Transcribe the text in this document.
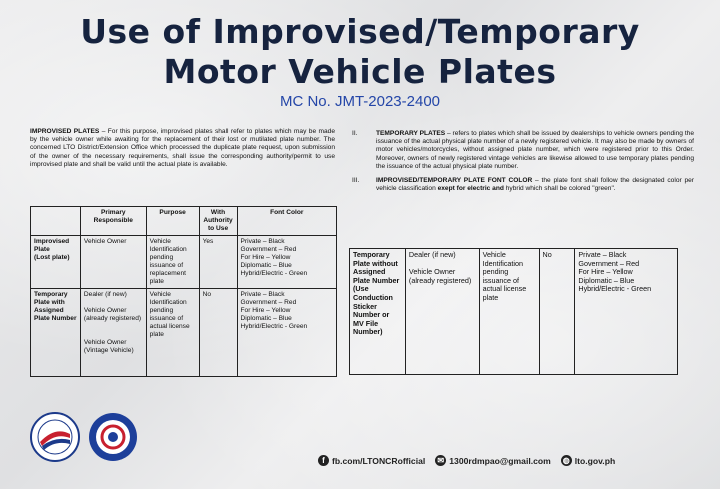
Use of Improvised/Temporary
Motor Vehicle Plates
MC No. JMT-2023-2400
IMPROVISED PLATES – For this purpose, improvised plates shall refer to plates which may be made by the vehicle owner while awaiting for the replacement of their lost or mutilated plate number. The concerned LTO District/Extension Office which processed the duplicate plate request, upon submission of the owner of the necessary requirements, shall issue the corresponding authority/permit to use improvised plate and shall be valid until the actual plate is available.
	Primary Responsible	Purpose	With Authority to Use	Font Color
Improvised Plate
(Lost plate)	Vehicle Owner	Vehicle Identification pending issuance of replacement plate	Yes	Private – Black
Government – Red
For Hire – Yellow
Diplomatic – Blue
Hybrid/Electric - Green
Temporary Plate with Assigned Plate Number	Dealer (if new)

Vehicle Owner (already registered)

Vehicle Owner (Vintage Vehicle)	Vehicle Identification pending issuance of actual license plate	No	Private – Black
Government – Red
For Hire – Yellow
Diplomatic – Blue
Hybrid/Electric - Green
II.	TEMPORARY PLATES – refers to plates which shall be issued by dealerships to vehicle owners pending the issuance of the actual physical plate number of a newly registered vehicle. It may also be made by owners of motor vehicles/motorcycles, without assigned plate number, which were registered prior to this Order. Moreover, owners of newly registered vintage vehicles are likewise allowed to use temporary plates pending the issuance of the actual physical plate number.
III.	IMPROVISED/TEMPORARY PLATE FONT COLOR – the plate font shall follow the designated color per vehicle classification exept for electric and hybrid which shall be colored "green".
Temporary Plate without Assigned Plate Number (Use Conduction Sticker Number or MV File Number)	Dealer (if new)

Vehicle Owner (already registered)	Vehicle Identification pending issuance of actual license plate	No	Private – Black
Government – Red
For Hire – Yellow
Diplomatic – Blue
Hybrid/Electric - Green
f fb.com/LTONCRofficial ✉ 1300rdmpao@gmail.com ◍ lto.gov.ph
